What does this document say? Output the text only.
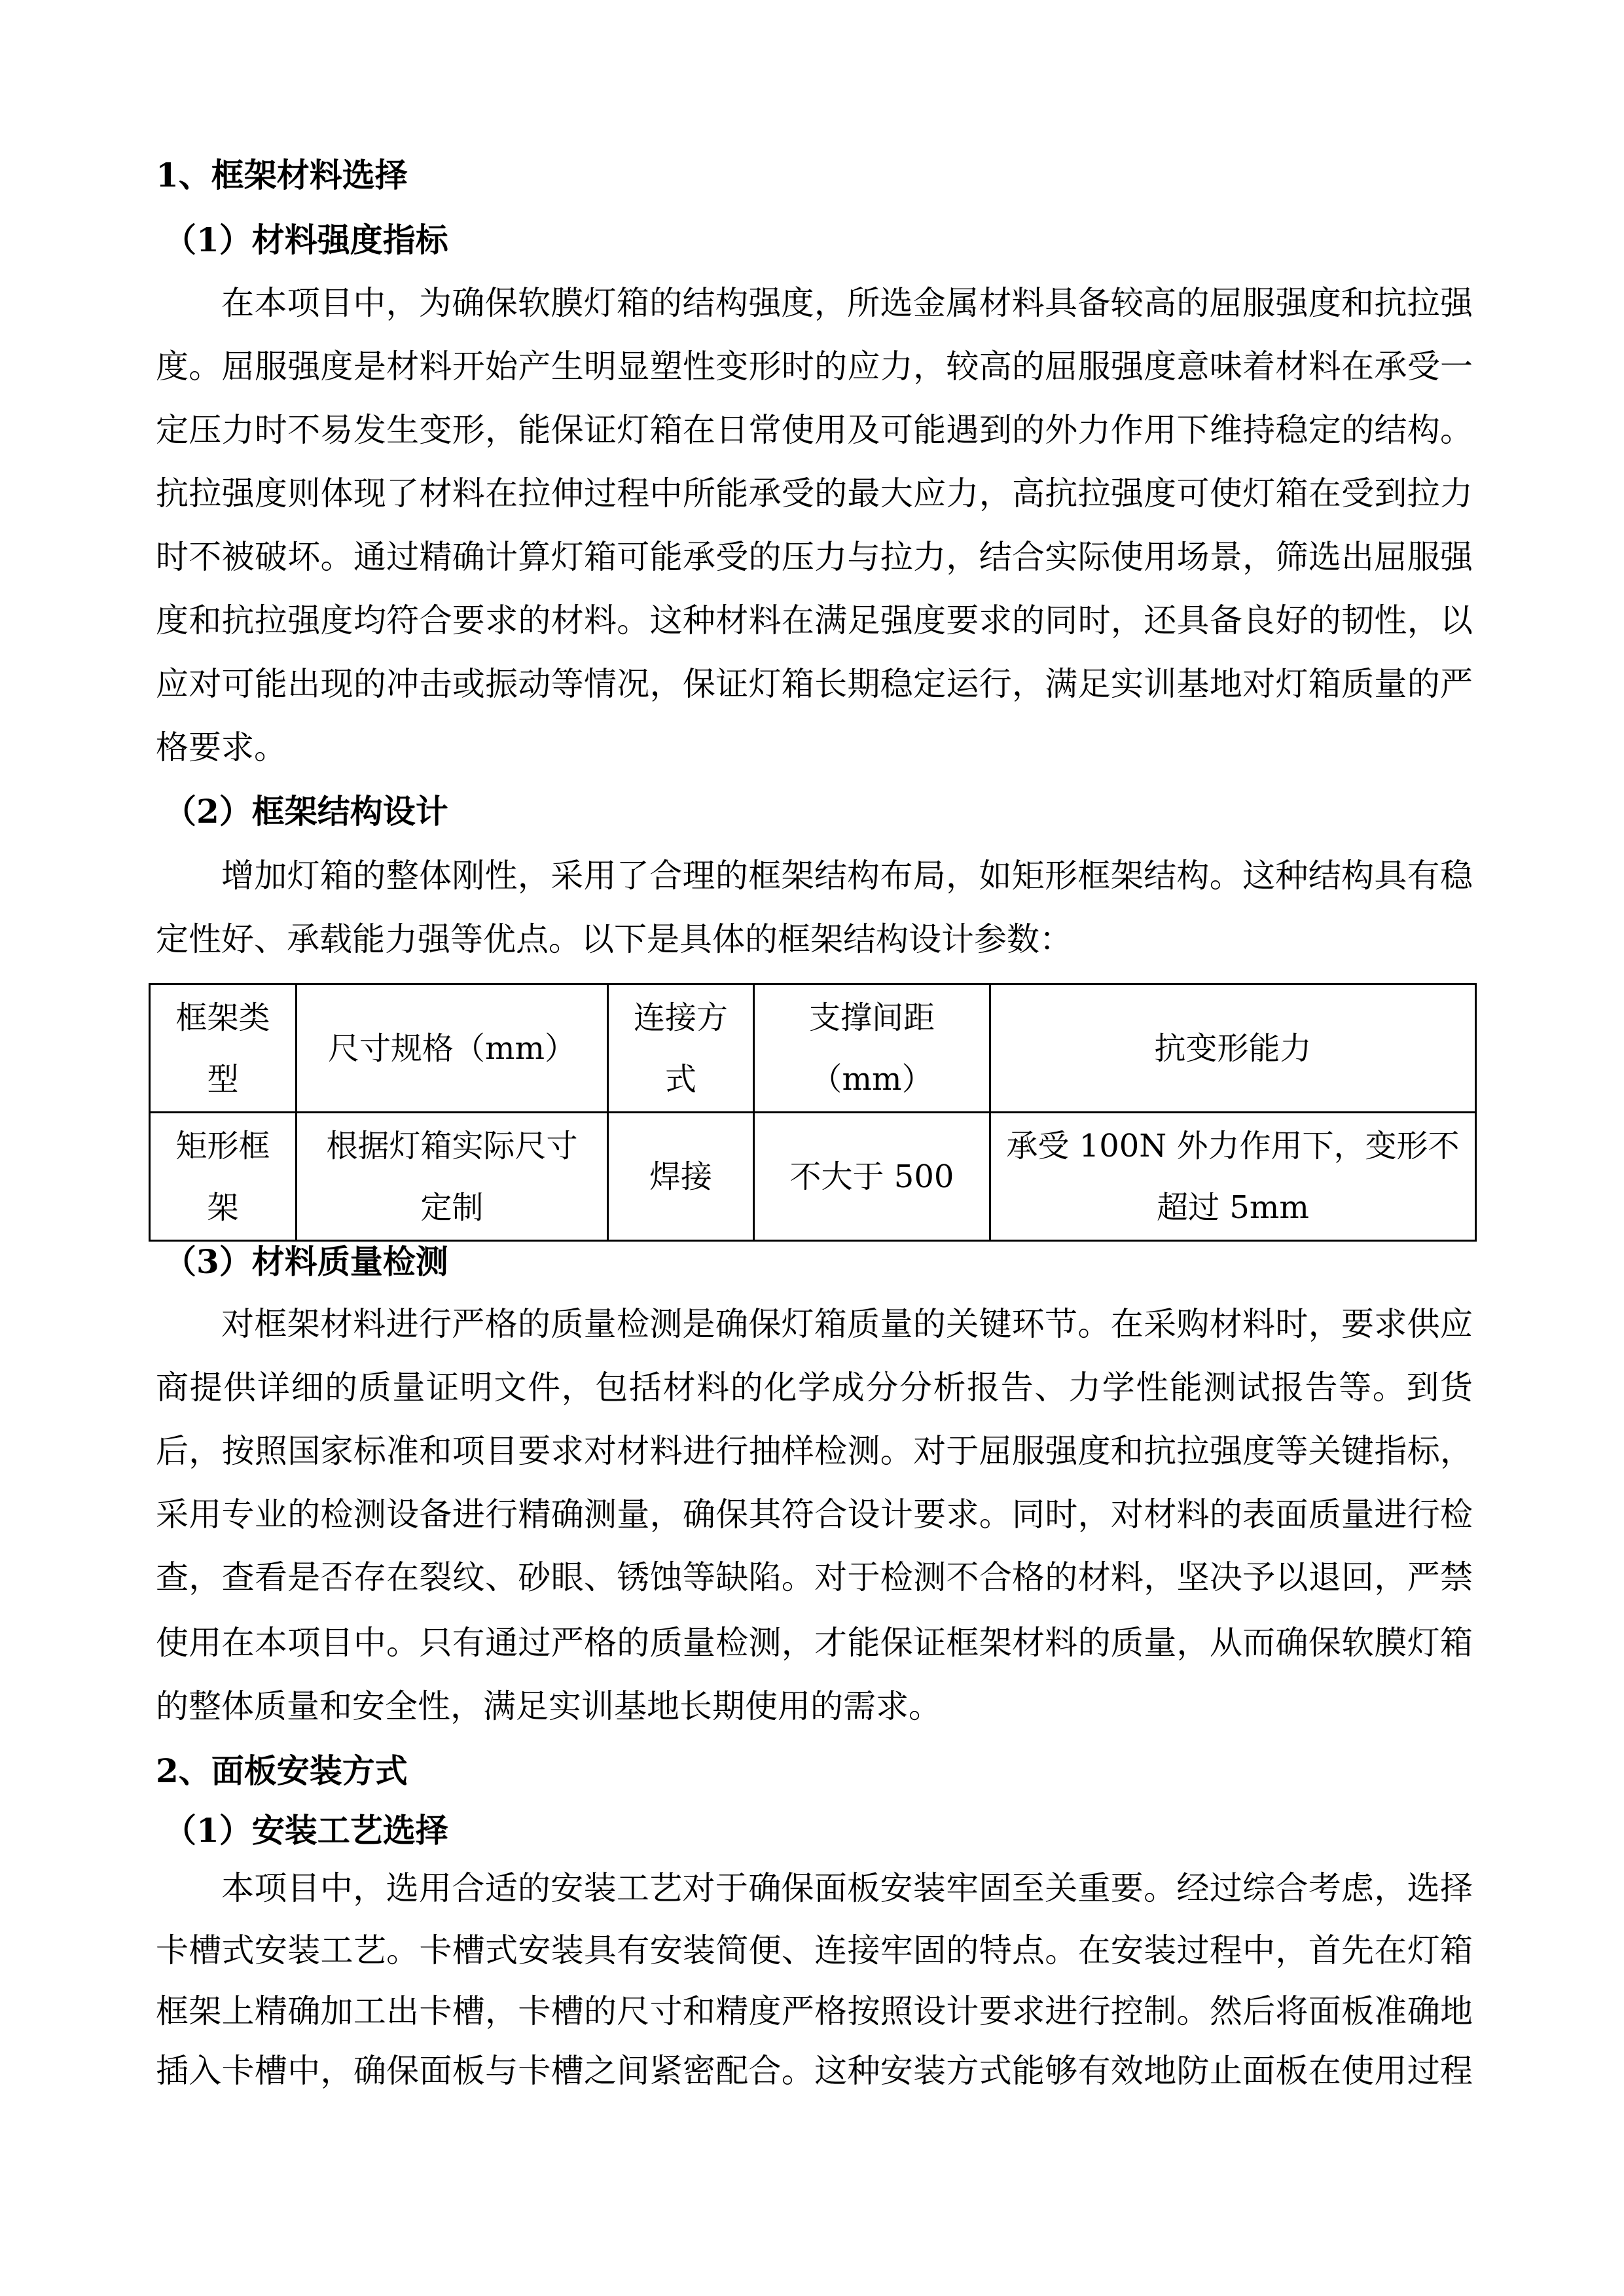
1、框架材料选择
（1）材料强度指标
在本项目中，为确保软膜灯箱的结构强度，所选金属材料具备较高的屈服强度和抗拉强
度。屈服强度是材料开始产生明显塑性变形时的应力，较高的屈服强度意味着材料在承受一
定压力时不易发生变形，能保证灯箱在日常使用及可能遇到的外力作用下维持稳定的结构。
抗拉强度则体现了材料在拉伸过程中所能承受的最大应力，高抗拉强度可使灯箱在受到拉力
时不被破坏。通过精确计算灯箱可能承受的压力与拉力，结合实际使用场景，筛选出屈服强
度和抗拉强度均符合要求的材料。这种材料在满足强度要求的同时，还具备良好的韧性，以
应对可能出现的冲击或振动等情况，保证灯箱长期稳定运行，满足实训基地对灯箱质量的严
格要求。
（2）框架结构设计
增加灯箱的整体刚性，采用了合理的框架结构布局，如矩形框架结构。这种结构具有稳
定性好、承载能力强等优点。以下是具体的框架结构设计参数：
框架类
型	尺寸规格（mm）	连接方
式	支撑间距
（mm）	抗变形能力

矩形框
架	根据灯箱实际尺寸
定制	焊接	不大于 500	承受 100N 外力作用下，变形不
超过 5mm
（3）材料质量检测
对框架材料进行严格的质量检测是确保灯箱质量的关键环节。在采购材料时，要求供应
商提供详细的质量证明文件，包括材料的化学成分分析报告、力学性能测试报告等。到货
后，按照国家标准和项目要求对材料进行抽样检测。对于屈服强度和抗拉强度等关键指标，
采用专业的检测设备进行精确测量，确保其符合设计要求。同时，对材料的表面质量进行检
查，查看是否存在裂纹、砂眼、锈蚀等缺陷。对于检测不合格的材料，坚决予以退回，严禁
使用在本项目中。只有通过严格的质量检测，才能保证框架材料的质量，从而确保软膜灯箱
的整体质量和安全性，满足实训基地长期使用的需求。
2、面板安装方式
（1）安装工艺选择
本项目中，选用合适的安装工艺对于确保面板安装牢固至关重要。经过综合考虑，选择
卡槽式安装工艺。卡槽式安装具有安装简便、连接牢固的特点。在安装过程中，首先在灯箱
框架上精确加工出卡槽，卡槽的尺寸和精度严格按照设计要求进行控制。然后将面板准确地
插入卡槽中，确保面板与卡槽之间紧密配合。这种安装方式能够有效地防止面板在使用过程
